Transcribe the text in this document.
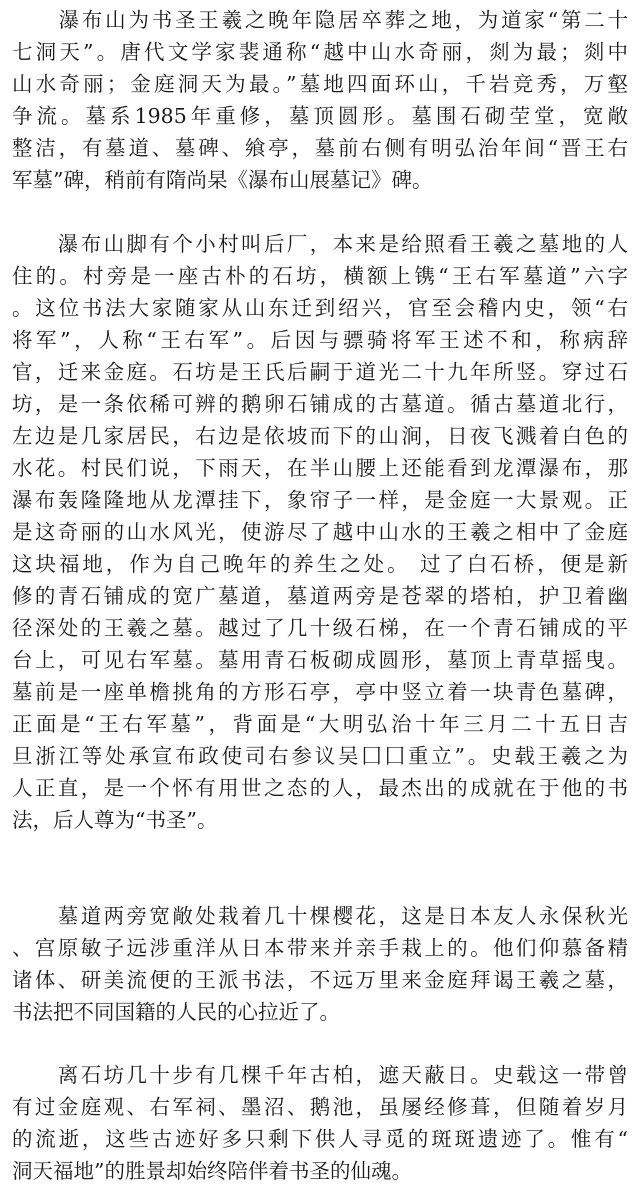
　　瀑布山为书圣王羲之晚年隐居卒葬之地，为道家“第二十
七洞天”。唐代文学家裴通称“越中山水奇丽，剡为最；剡中
山水奇丽；金庭洞天为最。”墓地四面环山，千岩竞秀，万壑
争流。墓系1985年重修，墓顶圆形。墓围石砌茔堂，宽敞
整洁，有墓道、墓碑、飨亭，墓前右侧有明弘治年间“晋王右
军墓”碑，稍前有隋尚杲《瀑布山展墓记》碑。
　　瀑布山脚有个小村叫后厂，本来是给照看王羲之墓地的人
住的。村旁是一座古朴的石坊，横额上镌“王右军墓道”六字
。这位书法大家随家从山东迁到绍兴，官至会稽内史，领“右
将军”，人称“王右军”。后因与骠骑将军王述不和，称病辞
官，迁来金庭。石坊是王氏后嗣于道光二十九年所竖。穿过石
坊，是一条依稀可辨的鹅卵石铺成的古墓道。循古墓道北行，
左边是几家居民，右边是依坡而下的山涧，日夜飞溅着白色的
水花。村民们说，下雨天，在半山腰上还能看到龙潭瀑布，那
瀑布轰隆隆地从龙潭挂下，象帘子一样，是金庭一大景观。正
是这奇丽的山水风光，使游尽了越中山水的王羲之相中了金庭
这块福地，作为自己晚年的养生之处。 过了白石桥，便是新
修的青石铺成的宽广墓道，墓道两旁是苍翠的塔柏，护卫着幽
径深处的王羲之墓。越过了几十级石梯，在一个青石铺成的平
台上，可见右军墓。墓用青石板砌成圆形，墓顶上青草摇曳。
墓前是一座单檐挑角的方形石亭，亭中竖立着一块青色墓碑，
正面是“王右军墓”，背面是“大明弘治十年三月二十五日吉
旦浙江等处承宣布政使司右参议吴囗囗重立”。史载王羲之为
人正直，是一个怀有用世之态的人，最杰出的成就在于他的书
法，后人尊为“书圣”。
　　墓道两旁宽敞处栽着几十棵樱花，这是日本友人永保秋光
、宫原敏子远涉重洋从日本带来并亲手栽上的。他们仰慕备精
诸体、研美流便的王派书法，不远万里来金庭拜谒王羲之墓，
书法把不同国籍的人民的心拉近了。
　　离石坊几十步有几棵千年古柏，遮天蔽日。史载这一带曾
有过金庭观、右军祠、墨沼、鹅池，虽屡经修葺，但随着岁月
的流逝，这些古迹好多只剩下供人寻觅的斑斑遗迹了。惟有“
洞天福地”的胜景却始终陪伴着书圣的仙魂。
